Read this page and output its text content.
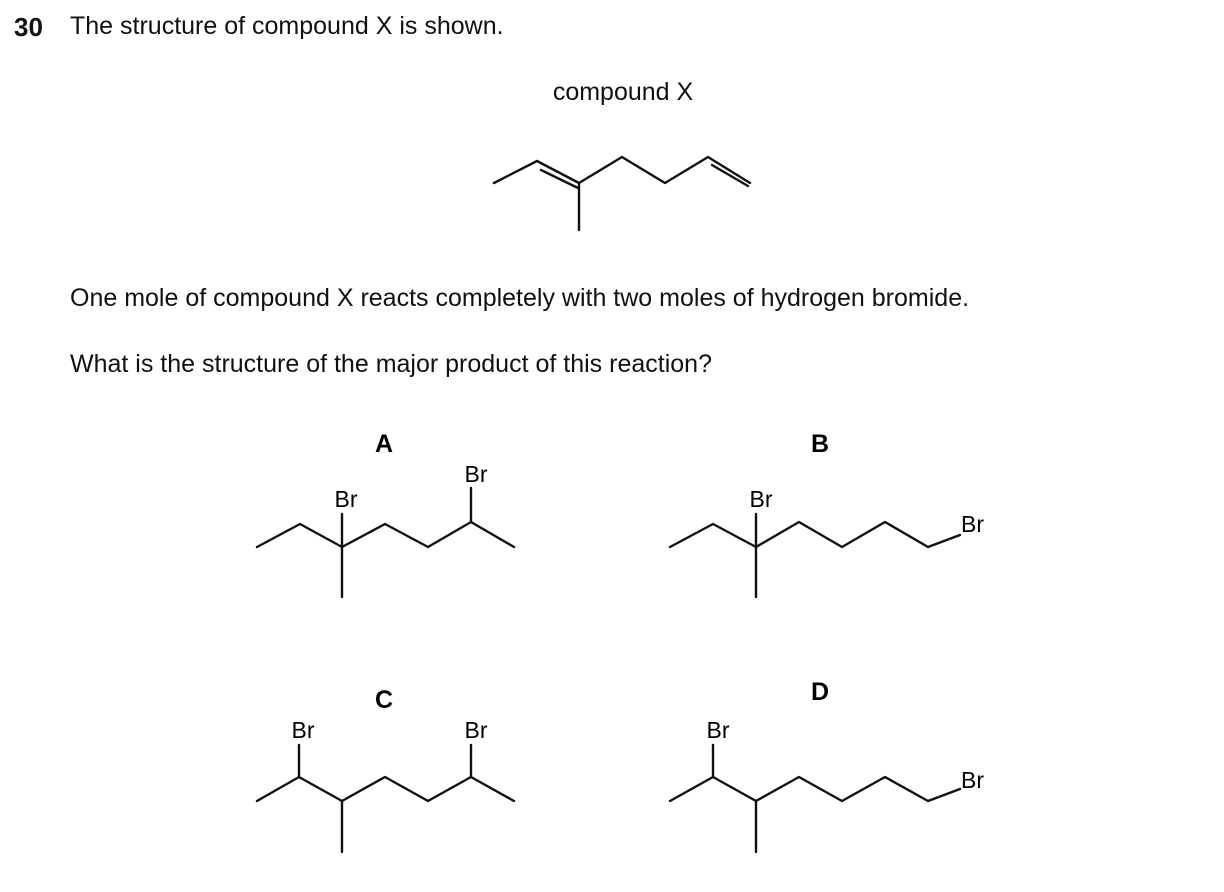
30 The structure of compound X is shown.
compound X
One mole of compound X reacts completely with two moles of hydrogen bromide.
What is the structure of the major product of this reaction?
A
Br
Br
B
Br
Br
C
Br	Br
D
Br
Br
